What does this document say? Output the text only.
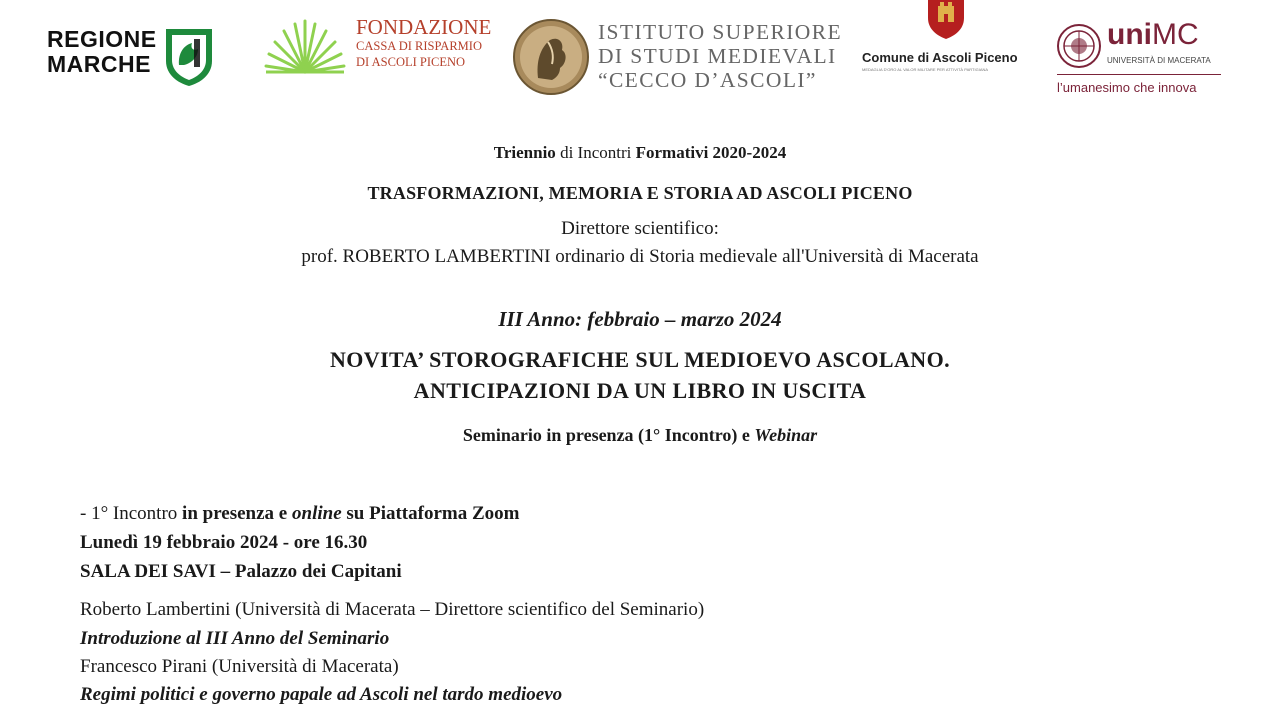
REGIONE
MARCHE
FONDAZIONE
CASSA DI RISPARMIO
DI ASCOLI PICENO
ISTITUTO SUPERIORE
DI STUDI MEDIEVALI
“CECCO D’ASCOLI”
Comune di Ascoli Piceno
MEDAGLIA D'ORO AL VALOR MILITARE PER ATTIVITÀ PARTIGIANA
uniMC
UNIVERSITÀ DI MACERATA
l’umanesimo che innova
Triennio di Incontri Formativi 2020-2024
TRASFORMAZIONI, MEMORIA E STORIA AD ASCOLI PICENO
Direttore scientifico:
prof. ROBERTO LAMBERTINI ordinario di Storia medievale all'Università di Macerata
III Anno: febbraio – marzo 2024
NOVITA’ STOROGRAFICHE SUL MEDIOEVO ASCOLANO.
ANTICIPAZIONI DA UN LIBRO IN USCITA
Seminario in presenza (1° Incontro) e Webinar
- 1° Incontro in presenza e online su Piattaforma Zoom
Lunedì 19 febbraio 2024 - ore 16.30
SALA DEI SAVI – Palazzo dei Capitani
Roberto Lambertini (Università di Macerata – Direttore scientifico del Seminario)
Introduzione al III Anno del Seminario
Francesco Pirani (Università di Macerata)
Regimi politici e governo papale ad Ascoli nel tardo medioevo
